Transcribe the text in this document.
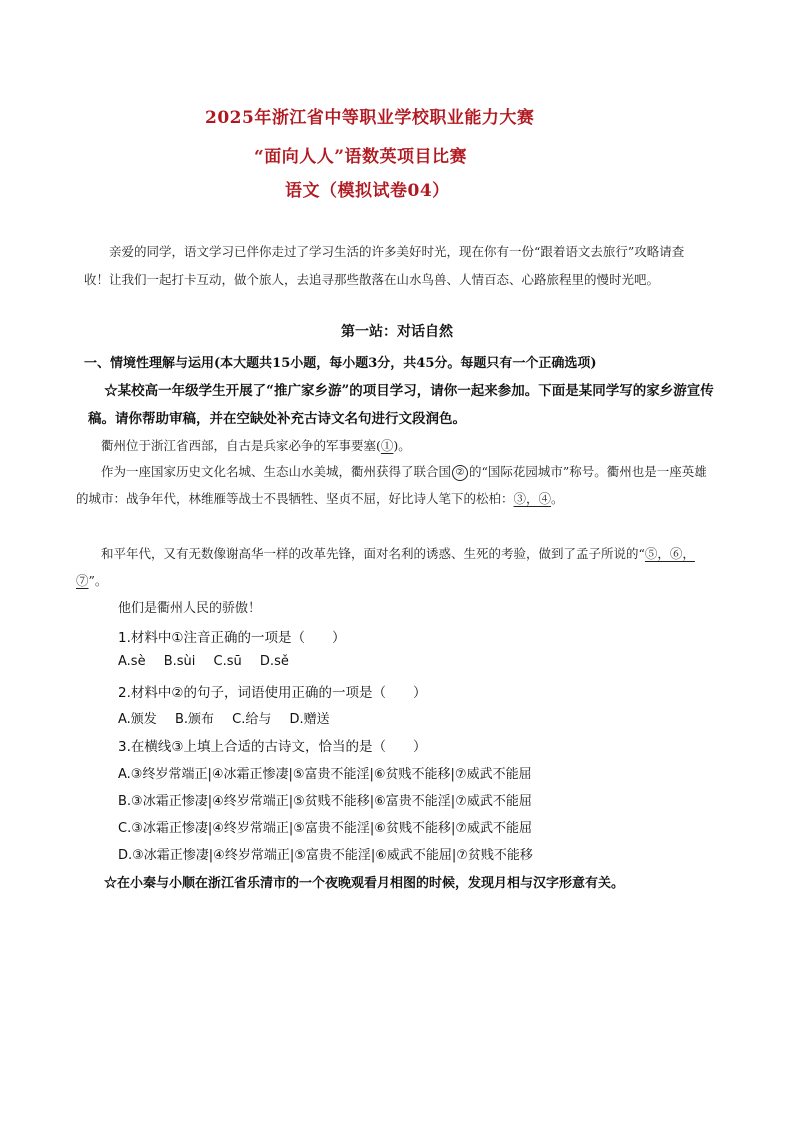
2025年浙江省中等职业学校职业能力大赛
“面向人人”语数英项目比赛
语文（模拟试卷04）
亲爱的同学，语文学习已伴你走过了学习生活的许多美好时光，现在你有一份“跟着语文去旅行”攻略请查收！让我们一起打卡互动，做个旅人，去追寻那些散落在山水鸟兽、人情百态、心路旅程里的慢时光吧。
第一站：对话自然
一、情境性理解与运用(本大题共15小题，每小题3分，共45分。每题只有一个正确选项)
☆某校高一年级学生开展了“推广家乡游”的项目学习，请你一起来参加。下面是某同学写的家乡游宣传稿。请你帮助审稿，并在空缺处补充古诗文名句进行文段润色。
衢州位于浙江省西部，自古是兵家必争的军事要塞(①)。
作为一座国家历史文化名城、生态山水美城，衢州获得了联合国 ② 的“国际花园城市”称号。衢州也是一座英雄的城市：战争年代，林维雁等战士不畏牺牲、坚贞不屈，好比诗人笔下的松柏：③，④。
和平年代，又有无数像谢高华一样的改革先锋，面对名利的诱惑、生死的考验，做到了孟子所说的“⑤，⑥，⑦”。
他们是衢州人民的骄傲！
1.材料中①注音正确的一项是（　　）
A.sè B.sùi C.sū D.sě
2.材料中②的句子，词语使用正确的一项是（　　）
A.颁发 B.颁布 C.给与 D.赠送
3.在横线③上填上合适的古诗文，恰当的是（　　）
A.③终岁常端正|④冰霜正惨凄|⑤富贵不能淫|⑥贫贱不能移|⑦威武不能屈
B.③冰霜正惨凄|④终岁常端正|⑤贫贱不能移|⑥富贵不能淫|⑦威武不能屈
C.③冰霜正惨凄|④终岁常端正|⑤富贵不能淫|⑥贫贱不能移|⑦威武不能屈
D.③冰霜正惨凄|④终岁常端正|⑤富贵不能淫|⑥威武不能屈|⑦贫贱不能移
☆在小秦与小顺在浙江省乐清市的一个夜晚观看月相图的时候，发现月相与汉字形意有关。
